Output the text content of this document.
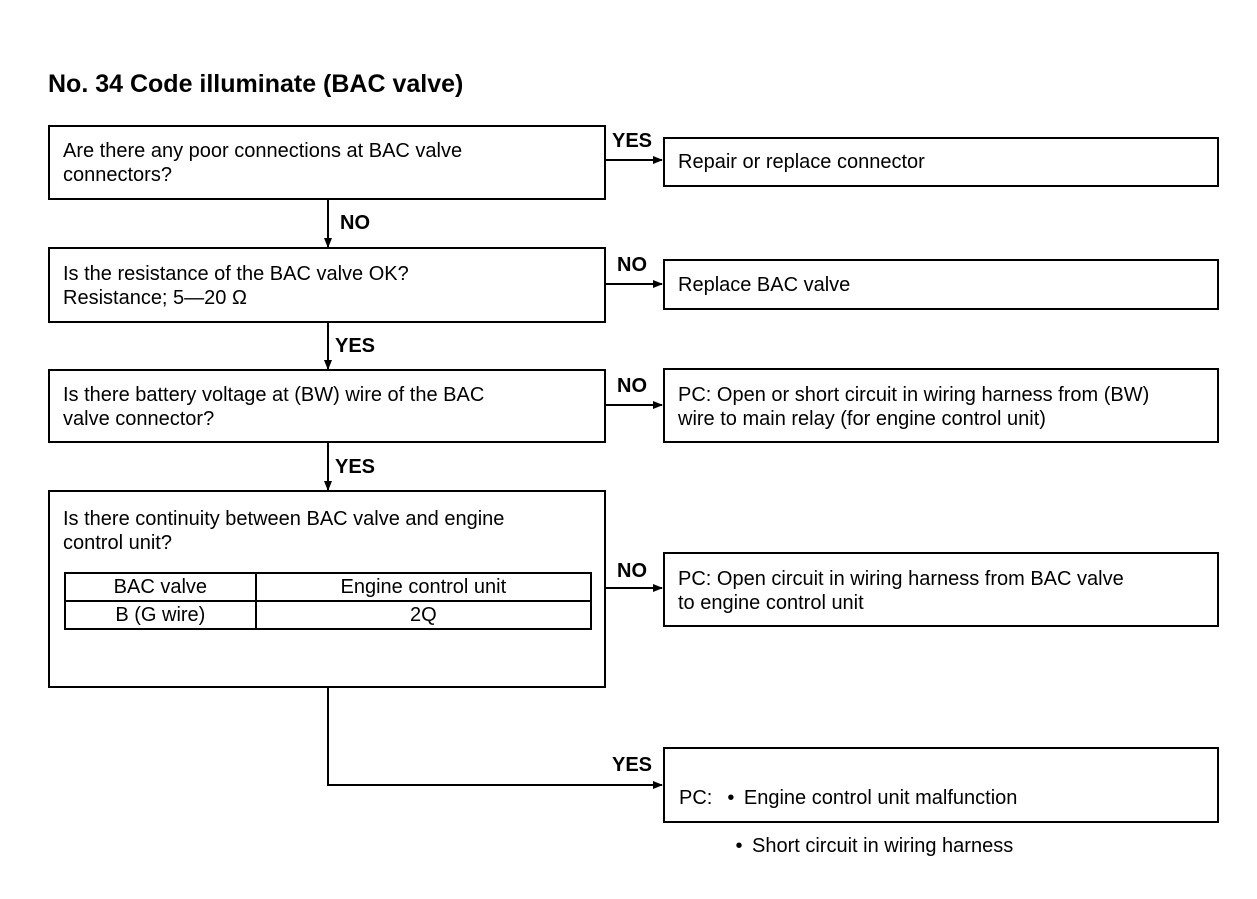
No. 34 Code illuminate (BAC valve)
Are there any poor connections at BAC valve
connectors?
YES
Repair or replace connector
NO
Is the resistance of the BAC valve OK?
Resistance; 5—20 Ω
NO
Replace BAC valve
YES
Is there battery voltage at (BW) wire of the BAC
valve connector?
NO PC: Open or short circuit in wiring harness from (BW)
wire to main relay (for engine control unit)
YES
Is there continuity between BAC valve and engine
control unit?
BAC valve	Engine control unit
B (G wire)	2Q
NO PC: Open circuit in wiring harness from BAC valve
to engine control unit
YES

PC: • Engine control unit malfunction

• Short circuit in wiring harness
